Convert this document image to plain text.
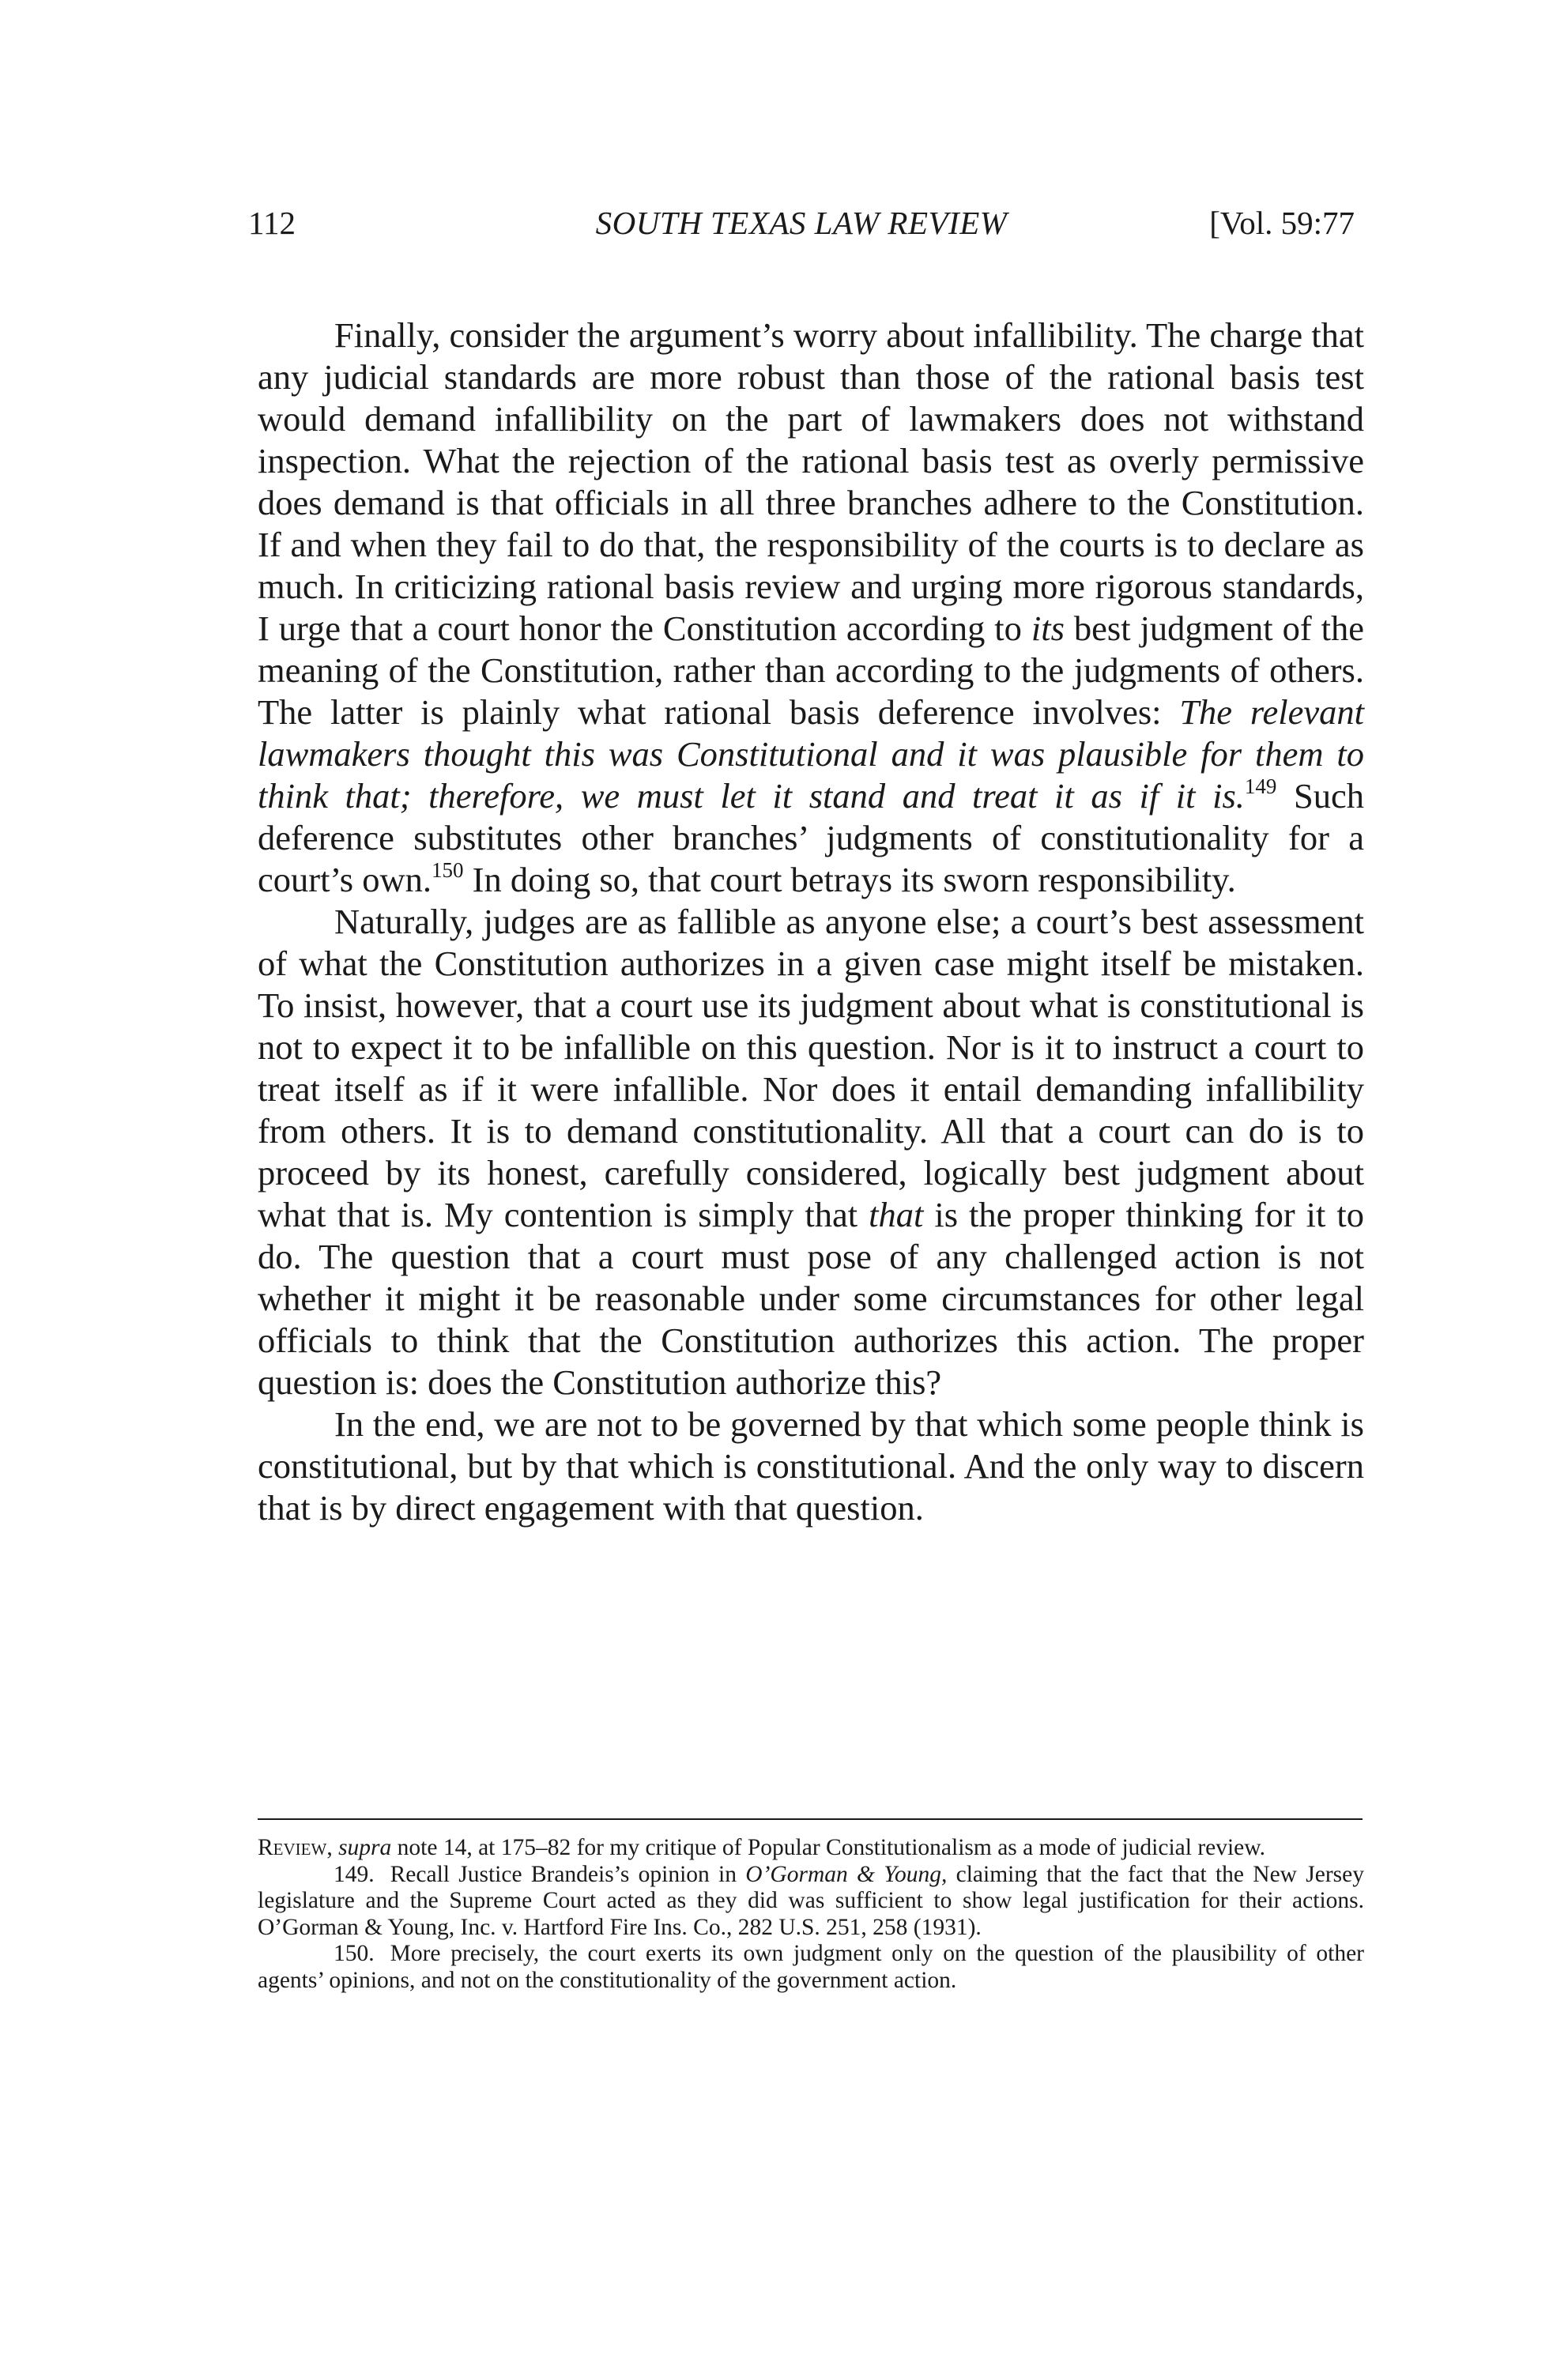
112	SOUTH TEXAS LAW REVIEW	[Vol. 59:77

Finally, consider the argument’s worry about infallibility. The charge that any judicial standards are more robust than those of the rational basis test would demand infallibility on the part of lawmakers does not withstand inspection. What the rejection of the rational basis test as overly permissive does demand is that officials in all three branches adhere to the Constitution. If and when they fail to do that, the responsibility of the courts is to declare as much. In criticizing rational basis review and urging more rigorous standards, I urge that a court honor the Constitution according to its best judgment of the meaning of the Constitution, rather than according to the judgments of others. The latter is plainly what rational basis deference involves: The relevant lawmakers thought this was Constitutional and it was plausible for them to think that; therefore, we must let it stand and treat it as if it is.$^{149}$ Such deference substitutes other branches’ judgments of constitutionality for a court’s own.$^{150}$ In doing so, that court betrays its sworn responsibility.

Naturally, judges are as fallible as anyone else; a court’s best assessment of what the Constitution authorizes in a given case might itself be mistaken. To insist, however, that a court use its judgment about what is constitutional is not to expect it to be infallible on this question. Nor is it to instruct a court to treat itself as if it were infallible. Nor does it entail demanding infallibility from others. It is to demand constitutionality. All that a court can do is to proceed by its honest, carefully considered, logically best judgment about what that is. My contention is simply that that is the proper thinking for it to do. The question that a court must pose of any challenged action is not whether it might it be reasonable under some circumstances for other legal officials to think that the Constitution authorizes this action. The proper question is: does the Constitution authorize this?

In the end, we are not to be governed by that which some people think is constitutional, but by that which is constitutional. And the only way to discern that is by direct engagement with that question.

Review, supra note 14, at 175–82 for my critique of Popular Constitutionalism as a mode of judicial review.

149. Recall Justice Brandeis’s opinion in O’Gorman & Young, claiming that the fact that the New Jersey legislature and the Supreme Court acted as they did was sufficient to show legal justification for their actions. O’Gorman & Young, Inc. v. Hartford Fire Ins. Co., 282 U.S. 251, 258 (1931).

150. More precisely, the court exerts its own judgment only on the question of the plausibility of other agents’ opinions, and not on the constitutionality of the government action.
